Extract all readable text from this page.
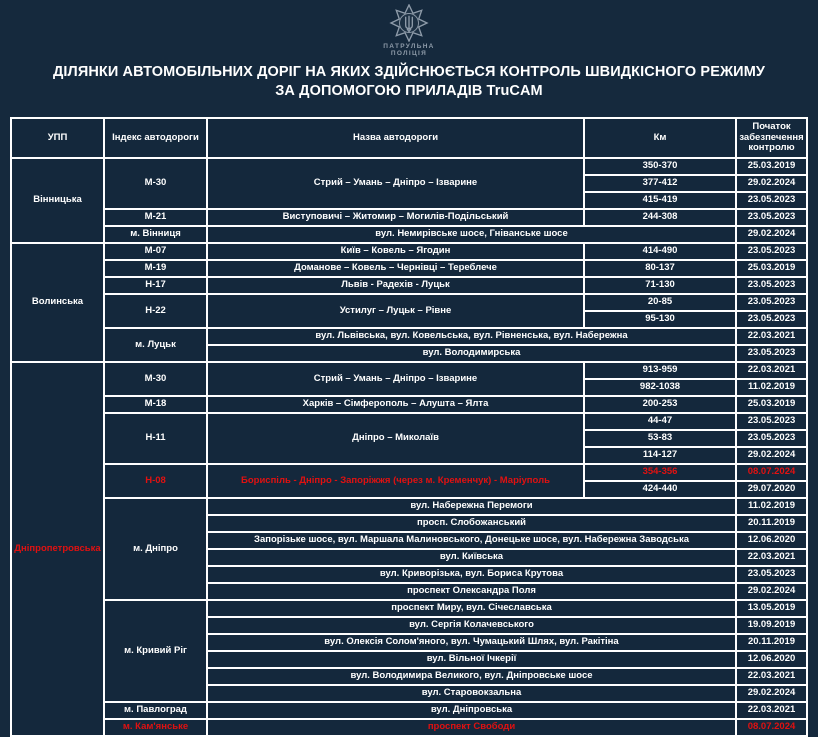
ПАТРУЛЬНА
ПОЛІЦІЯ
ДІЛЯНКИ АВТОМОБІЛЬНИХ ДОРІГ НА ЯКИХ ЗДІЙСНЮЄТЬСЯ КОНТРОЛЬ ШВИДКІСНОГО РЕЖИМУ
ЗА ДОПОМОГОЮ ПРИЛАДІВ TruCAM
УПП	Індекс автодороги	Назва автодороги	Км	Початок забезпечення контролю
Вінницька	М-30	Стрий – Умань – Дніпро – Ізварине	350-370	25.03.2019
			377-412	29.02.2024
			415-419	23.05.2023
	М-21	Виступовичі – Житомир – Могилів-Подільський	244-308	23.05.2023
	м. Вінниця	вул. Немирівське шосе, Гніванське шосе		29.02.2024
Волинська	М-07	Київ – Ковель – Ягодин	414-490	23.05.2023
	М-19	Доманове – Ковель – Чернівці – Тереблече	80-137	25.03.2019
	Н-17	Львів - Радехів - Луцьк	71-130	23.05.2023
	Н-22	Устилуг – Луцьк – Рівне	20-85	23.05.2023
			95-130	23.05.2023
	м. Луцьк	вул. Львівська, вул. Ковельська, вул. Рівненська, вул. Набережна		22.03.2021
		вул. Володимирська		23.05.2023
Дніпропетровська	М-30	Стрий – Умань – Дніпро – Ізварине	913-959	22.03.2021
			982-1038	11.02.2019
	М-18	Харків – Сімферополь – Алушта – Ялта	200-253	25.03.2019
	Н-11	Дніпро – Миколаїв	44-47	23.05.2023
			53-83	23.05.2023
			114-127	29.02.2024
	Н-08	Бориспіль - Дніпро - Запоріжжя (через м. Кременчук) - Маріуполь	354-356	08.07.2024
			424-440	29.07.2020
	м. Дніпро	вул. Набережна Перемоги		11.02.2019
		просп. Слобожанський		20.11.2019
		Запорізьке шосе, вул. Маршала Малиновського, Донецьке шосе, вул. Набережна Заводська		12.06.2020
		вул. Київська		22.03.2021
		вул. Криворізька, вул. Бориса Крутова		23.05.2023
		проспект Олександра Поля		29.02.2024
	м. Кривий Ріг	проспект Миру, вул. Січеславська		13.05.2019
		вул. Сергія Колачевського		19.09.2019
		вул. Олексія Солом'яного, вул. Чумацький Шлях, вул. Ракітіна		20.11.2019
		вул. Вільної Ічкерії		12.06.2020
		вул. Володимира Великого, вул. Дніпровське шосе		22.03.2021
		вул. Старовокзальна		29.02.2024
	м. Павлоград	вул. Дніпровська		22.03.2021
	м. Кам'янське	проспект Свободи		08.07.2024
